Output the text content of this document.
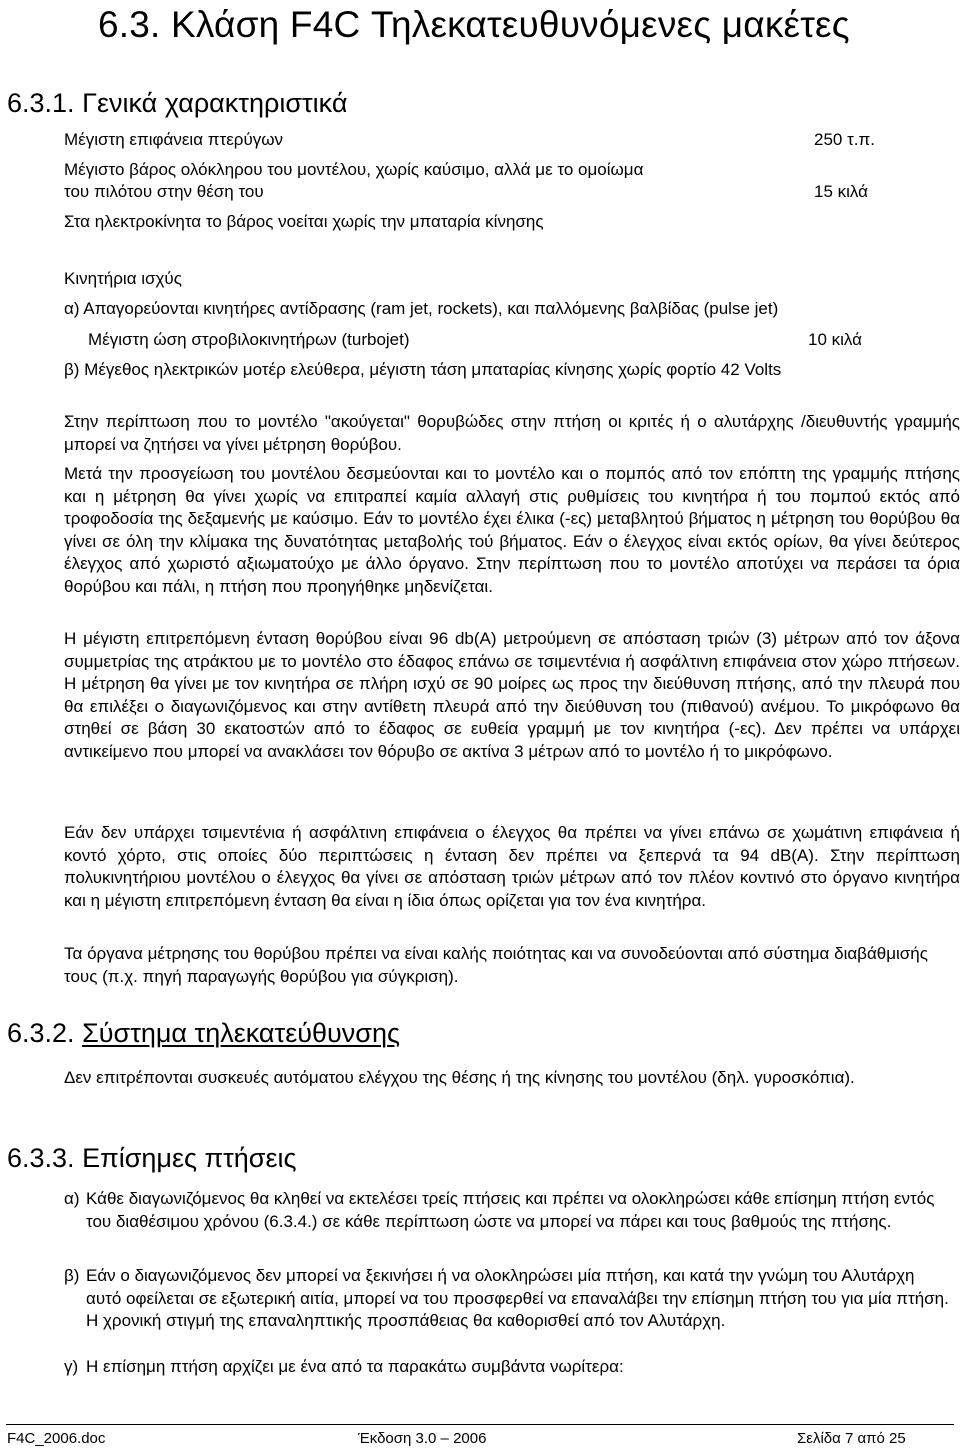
6.3. Κλάση F4C Τηλεκατευθυνόμενες μακέτες
6.3.1. Γενικά χαρακτηριστικά
Μέγιστη επιφάνεια πτερύγων	250 τ.π.
Μέγιστο βάρος ολόκληρου του μοντέλου, χωρίς καύσιμο, αλλά με το ομοίωμα
του πιλότου στην θέση του	15 κιλά
Στα ηλεκτροκίνητα το βάρος νοείται χωρίς την μπαταρία κίνησης
Κινητήρια ισχύς
α) Απαγορεύονται κινητήρες αντίδρασης (ram jet, rockets), και παλλόμενης βαλβίδας (pulse jet)
Μέγιστη ώση στροβιλοκινητήρων (turbojet)	10 κιλά
β) Μέγεθος ηλεκτρικών μοτέρ ελεύθερα, μέγιστη τάση μπαταρίας κίνησης χωρίς φορτίο 42 Volts

Στην περίπτωση που το μοντέλο "ακούγεται" θορυβώδες στην πτήση οι κριτές ή ο αλυτάρχης /διευθυντής γραμμής μπορεί να ζητήσει να γίνει μέτρηση θορύβου.

Μετά την προσγείωση του μοντέλου δεσμεύονται και το μοντέλο και ο πομπός από τον επόπτη της γραμμής πτήσης και η μέτρηση θα γίνει χωρίς να επιτραπεί καμία αλλαγή στις ρυθμίσεις του κινητήρα ή του πομπού εκτός από τροφοδοσία της δεξαμενής με καύσιμο. Εάν το μοντέλο έχει έλικα (-ες) μεταβλητού βήματος η μέτρηση του θορύβου θα γίνει σε όλη την κλίμακα της δυνατότητας μεταβολής τού βήματος. Εάν ο έλεγχος είναι εκτός ορίων, θα γίνει δεύτερος έλεγχος από χωριστό αξιωματούχο με άλλο όργανο. Στην περίπτωση που το μοντέλο αποτύχει να περάσει τα όρια θορύβου και πάλι, η πτήση που προηγήθηκε μηδενίζεται.

Η μέγιστη επιτρεπόμενη ένταση θορύβου είναι 96 db(A) μετρούμενη σε απόσταση τριών (3) μέτρων από τον άξονα συμμετρίας της ατράκτου με το μοντέλο στο έδαφος επάνω σε τσιμεντένια ή ασφάλτινη επιφάνεια στον χώρο πτήσεων. Η μέτρηση θα γίνει με τον κινητήρα σε πλήρη ισχύ σε 90 μοίρες ως προς την διεύθυνση πτήσης, από την πλευρά που θα επιλέξει ο διαγωνιζόμενος και στην αντίθετη πλευρά από την διεύθυνση του (πιθανού) ανέμου. Το μικρόφωνο θα στηθεί σε βάση 30 εκατοστών από το έδαφος σε ευθεία γραμμή με τον κινητήρα (-ες). Δεν πρέπει να υπάρχει αντικείμενο που μπορεί να ανακλάσει τον θόρυβο σε ακτίνα 3 μέτρων από το μοντέλο ή το μικρόφωνο.

Εάν δεν υπάρχει τσιμεντένια ή ασφάλτινη επιφάνεια ο έλεγχος θα πρέπει να γίνει επάνω σε χωμάτινη επιφάνεια ή κοντό χόρτο, στις οποίες δύο περιπτώσεις η ένταση δεν πρέπει να ξεπερνά τα 94 dB(A). Στην περίπτωση πολυκινητήριου μοντέλου ο έλεγχος θα γίνει σε απόσταση τριών μέτρων από τον πλέον κοντινό στο όργανο κινητήρα και η μέγιστη επιτρεπόμενη ένταση θα είναι η ίδια όπως ορίζεται για τον ένα κινητήρα.

Τα όργανα μέτρησης του θορύβου πρέπει να είναι καλής ποιότητας και να συνοδεύονται από σύστημα διαβάθμισής τους (π.χ. πηγή παραγωγής θορύβου για σύγκριση).

6.3.2. Σύστημα τηλεκατεύθυνσης

Δεν επιτρέπονται συσκευές αυτόματου ελέγχου της θέσης ή της κίνησης του μοντέλου (δηλ. γυροσκόπια).

6.3.3. Επίσημες πτήσεις
α) Κάθε διαγωνιζόμενος θα κληθεί να εκτελέσει τρείς πτήσεις και πρέπει να ολοκληρώσει κάθε επίσημη πτήση εντός του διαθέσιμου χρόνου (6.3.4.) σε κάθε περίπτωση ώστε να μπορεί να πάρει και τους βαθμούς της πτήσης.
β) Εάν ο διαγωνιζόμενος δεν μπορεί να ξεκινήσει ή να ολοκληρώσει μία πτήση, και κατά την γνώμη του Αλυτάρχη αυτό οφείλεται σε εξωτερική αιτία, μπορεί να του προσφερθεί να επαναλάβει την επίσημη πτήση του για μία πτήση. Η χρονική στιγμή της επαναληπτικής προσπάθειας θα καθορισθεί από τον Αλυτάρχη.
γ) Η επίσημη πτήση αρχίζει με ένα από τα παρακάτω συμβάντα νωρίτερα:
F4C_2006.doc	Έκδοση 3.0 – 2006	Σελίδα 7 από 25
